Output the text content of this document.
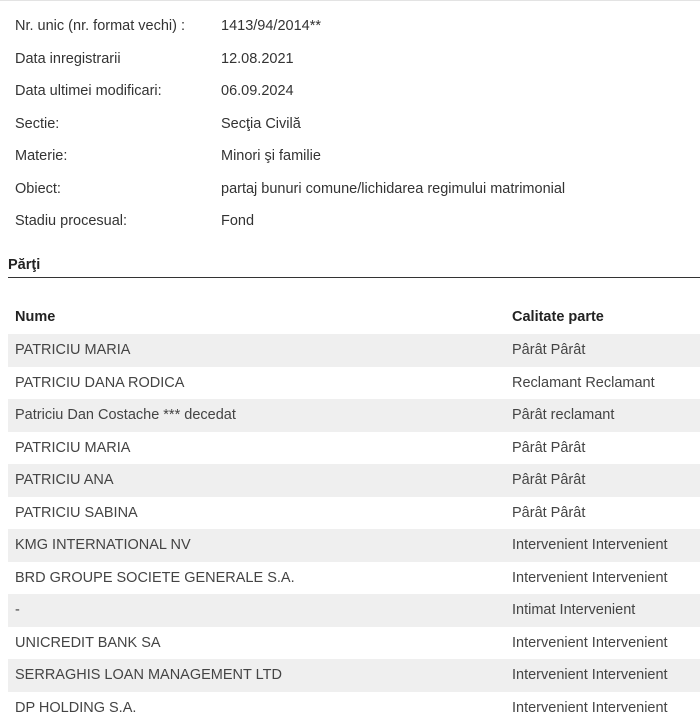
Nr. unic (nr. format vechi) :	1413/94/2014**
Data inregistrarii	12.08.2021
Data ultimei modificari:	06.09.2024
Sectie:	Secţia Civilă
Materie:	Minori şi familie
Obiect:	partaj bunuri comune/lichidarea regimului matrimonial
Stadiu procesual:	Fond
Părţi
Nume	Calitate parte
PATRICIU MARIA	Pârât Pârât
PATRICIU DANA RODICA	Reclamant Reclamant
Patriciu Dan Costache *** decedat	Pârât reclamant
PATRICIU MARIA	Pârât Pârât
PATRICIU ANA	Pârât Pârât
PATRICIU SABINA	Pârât Pârât
KMG INTERNATIONAL NV	Intervenient Intervenient
BRD GROUPE SOCIETE GENERALE S.A.	Intervenient Intervenient
-	Intimat Intervenient
UNICREDIT BANK SA	Intervenient Intervenient
SERRAGHIS LOAN MANAGEMENT LTD	Intervenient Intervenient
DP HOLDING S.A.	Intervenient Intervenient
